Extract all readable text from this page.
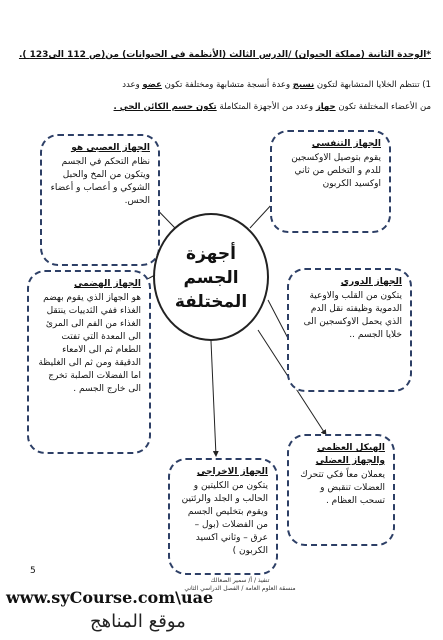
*الوحدة الثانية (مملكة الحيوان) /الدرس الثالث (الأنظمة في الحيوانات) من(ص 112 الى123 ).
1) تنتظم الخلايا المتشابهة لتكون نسيج وعدة أنسجة متشابهة ومختلفة تكون عضو وعدد
من الأعضاء المختلفة تكون جهاز وعدد من الأجهزة المتكاملة تكون جسم الكائن الحي .
الجهاز العصبي هو
نظام التحكم في الجسم ويتكون من المخ والحبل الشوكي و أعصاب و أعضاء الحس.
الجهاز التنفسي
يقوم بتوصيل الاوكسجين للدم و التخلص من ثاني اوكسيد الكربون
الجهاز الهضمي
هو الجهاز الذي يقوم بهضم الغذاء ففي الثدييات ينتقل الغذاء من الفم الى المرئ الى المعدة التي تفتت الطعام ثم الى الامعاء الدقيقة ومن ثم الى الغليظة اما الفضلات الصلبة تخرج الى خارج الجسم .
الجهاز الدوري
يتكون من القلب والاوعية الدموية وظيفته نقل الدم الذي يحمل الاوكسجين الى خلايا الجسم ..
الجهاز الاخراجي
يتكون من الكليتين و الحالب و الجلد والرئتين ويقوم بتخليص الجسم من الفضلات (بول – عرق – وثاني اكسيد الكربون )
الهيكل العظمي والجهاز العضلي
يعملان معاً فكي تتحرك العضلات تنقبض و تسحب العظام .
أجهزة
الجسم
المختلفة
5
تنفيذ / أ/ سمير الصعالك
منسقة العلوم العامة / الفصل الدراسي الثاني
www.syCourse.com\uae
موقع المناهج
